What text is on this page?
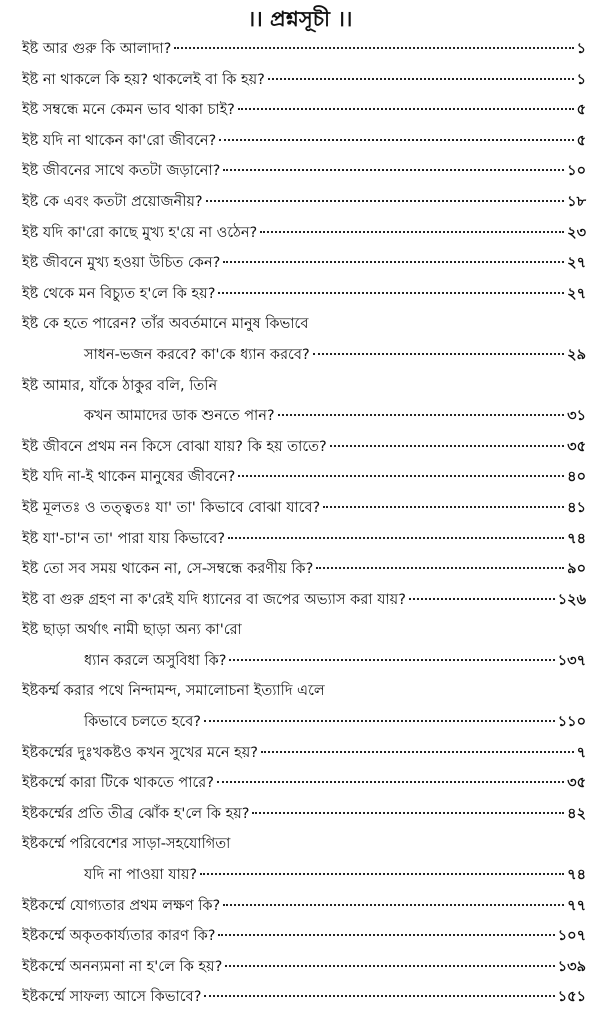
।। প্রশ্নসূচী ।।
ইষ্ট আর গুরু কি আলাদা?	১
ইষ্ট না থাকলে কি হয়? থাকলেই বা কি হয়?	১
ইষ্ট সম্বন্ধে মনে কেমন ভাব থাকা চাই?	৫
ইষ্ট যদি না থাকেন কা'রো জীবনে?	৫
ইষ্ট জীবনের সাথে কতটা জড়ানো?	১০
ইষ্ট কে এবং কতটা প্রয়োজনীয়?	১৮
ইষ্ট যদি কা'রো কাছে মুখ্য হ'য়ে না ওঠেন?	২৩
ইষ্ট জীবনে মুখ্য হওয়া উচিত কেন?	২৭
ইষ্ট থেকে মন বিচ্যুত হ'লে কি হয়?	২৭
ইষ্ট কে হতে পারেন? তাঁর অবর্তমানে মানুষ কিভাবে
সাধন-ভজন করবে? কা'কে ধ্যান করবে?	২৯
ইষ্ট আমার, যাঁকে ঠাকুর বলি, তিনি
কখন আমাদের ডাক শুনতে পান?	৩১
ইষ্ট জীবনে প্রথম নন কিসে বোঝা যায়? কি হয় তাতে?	৩৫
ইষ্ট যদি না-ই থাকেন মানুষের জীবনে?	৪০
ইষ্ট মূলতঃ ও তত্ত্বতঃ যা' তা' কিভাবে বোঝা যাবে?	৪১
ইষ্ট যা'-চা'ন তা' পারা যায় কিভাবে?	৭৪
ইষ্ট তো সব সময় থাকেন না, সে-সম্বন্ধে করণীয় কি?	৯০
ইষ্ট বা গুরু গ্রহণ না ক'রেই যদি ধ্যানের বা জপের অভ্যাস করা যায়?	১২৬
ইষ্ট ছাড়া অর্থাৎ নামী ছাড়া অন্য কা'রো
ধ্যান করলে অসুবিধা কি?	১৩৭
ইষ্টকর্ম্ম করার পথে নিন্দামন্দ, সমালোচনা ইত্যাদি এলে
কিভাবে চলতে হবে?	১১০
ইষ্টকর্ম্মের দুঃখকষ্টও কখন সুখের মনে হয়?	৭
ইষ্টকর্ম্মে কারা টিকে থাকতে পারে?	৩৫
ইষ্টকর্ম্মের প্রতি তীব্র ঝোঁক হ'লে কি হয়?	৪২
ইষ্টকর্ম্মে পরিবেশের সাড়া-সহযোগিতা
যদি না পাওয়া যায়?	৭৪
ইষ্টকর্ম্মে যোগ্যতার প্রথম লক্ষণ কি?	৭৭
ইষ্টকর্ম্মে অকৃতকার্য্যতার কারণ কি?	১০৭
ইষ্টকর্ম্মে অনন্যমনা না হ'লে কি হয়?	১৩৯
ইষ্টকর্ম্মে সাফল্য আসে কিভাবে?	১৫১
